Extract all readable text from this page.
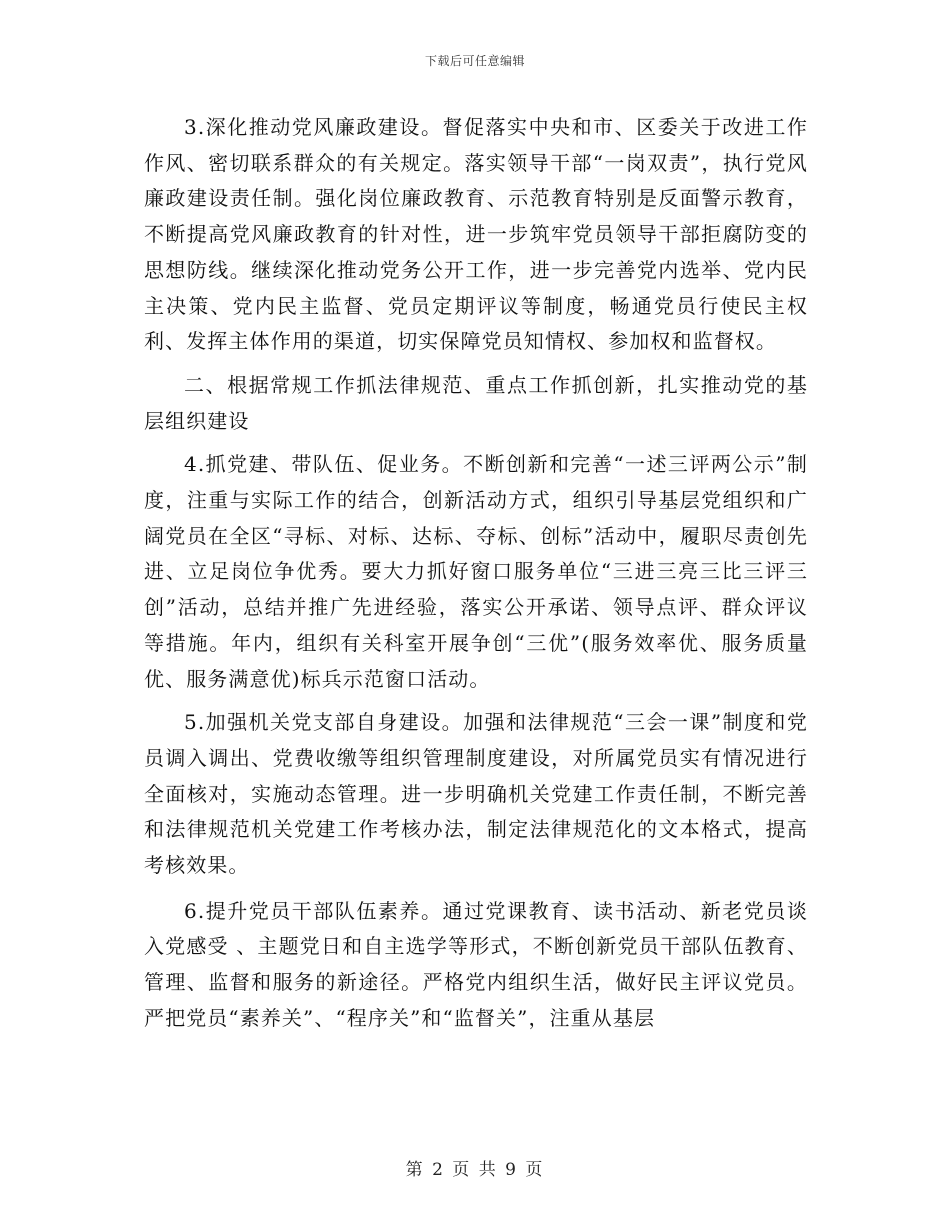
下载后可任意编辑

3.深化推动党风廉政建设。督促落实中央和市、区委关于改进工作作风、密切联系群众的有关规定。落实领导干部“一岗双责”，执行党风廉政建设责任制。强化岗位廉政教育、示范教育特别是反面警示教育，不断提高党风廉政教育的针对性，进一步筑牢党员领导干部拒腐防变的思想防线。继续深化推动党务公开工作，进一步完善党内选举、党内民主决策、党内民主监督、党员定期评议等制度，畅通党员行使民主权利、发挥主体作用的渠道，切实保障党员知情权、参加权和监督权。

二、根据常规工作抓法律规范、重点工作抓创新，扎实推动党的基层组织建设

4.抓党建、带队伍、促业务。不断创新和完善“一述三评两公示”制度，注重与实际工作的结合，创新活动方式，组织引导基层党组织和广阔党员在全区“寻标、对标、达标、夺标、创标”活动中，履职尽责创先进、立足岗位争优秀。要大力抓好窗口服务单位“三进三亮三比三评三创”活动，总结并推广先进经验，落实公开承诺、领导点评、群众评议等措施。年内，组织有关科室开展争创“三优”(服务效率优、服务质量优、服务满意优)标兵示范窗口活动。

5.加强机关党支部自身建设。加强和法律规范“三会一课”制度和党员调入调出、党费收缴等组织管理制度建设，对所属党员实有情况进行全面核对，实施动态管理。进一步明确机关党建工作责任制，不断完善和法律规范机关党建工作考核办法，制定法律规范化的文本格式，提高考核效果。

6.提升党员干部队伍素养。通过党课教育、读书活动、新老党员谈入党感受 、主题党日和自主选学等形式，不断创新党员干部队伍教育、管理、监督和服务的新途径。严格党内组织生活，做好民主评议党员。严把党员“素养关”、“程序关”和“监督关”，注重从基层

第 2 页 共 9 页
